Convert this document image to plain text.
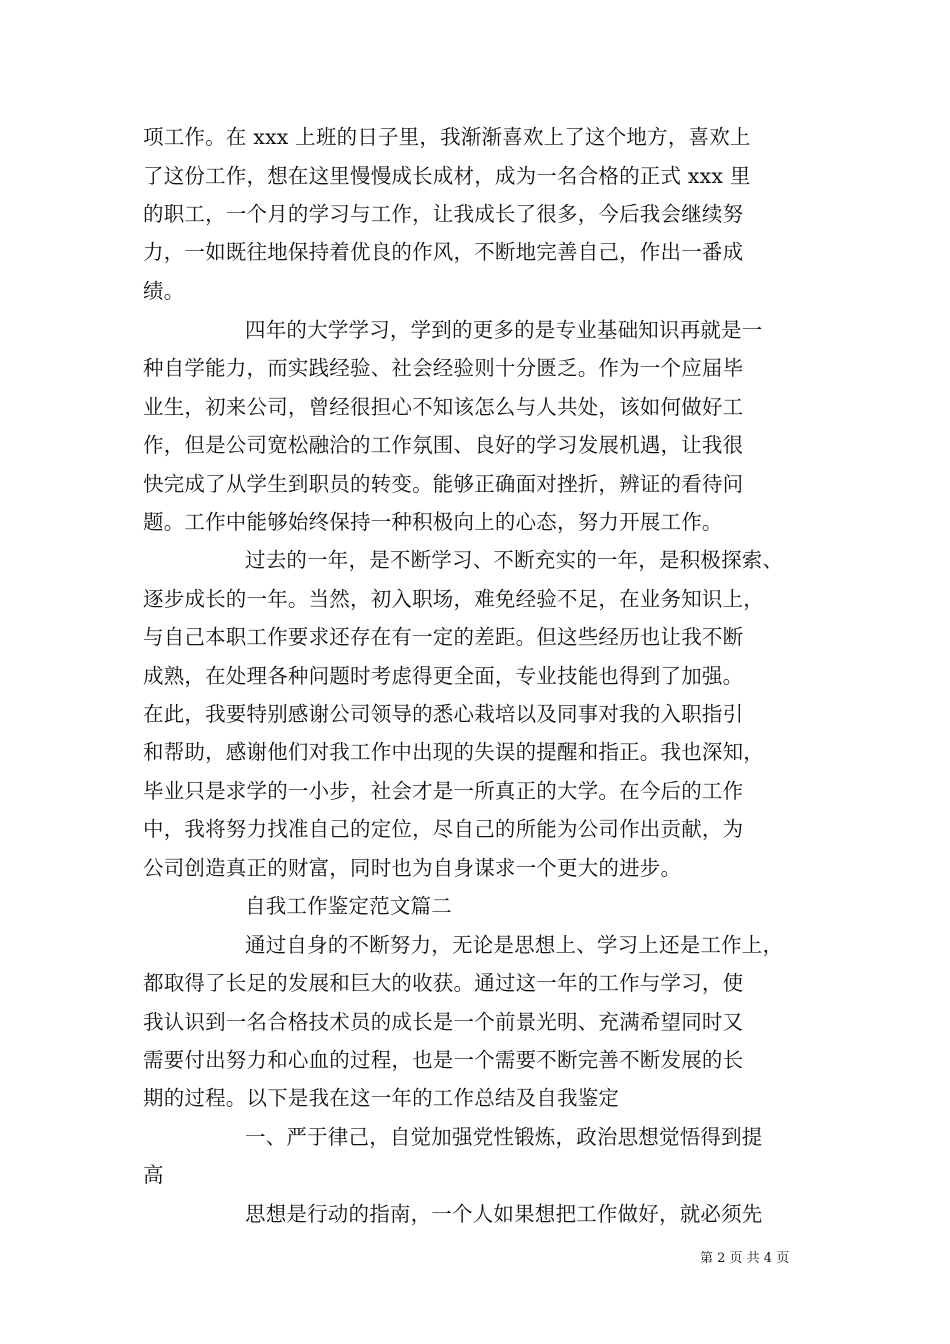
项工作。在 xxx 上班的日子里，我渐渐喜欢上了这个地方，喜欢上
了这份工作，想在这里慢慢成长成材，成为一名合格的正式 xxx 里
的职工，一个月的学习与工作，让我成长了很多，今后我会继续努
力，一如既往地保持着优良的作风，不断地完善自己，作出一番成
绩。
四年的大学学习，学到的更多的是专业基础知识再就是一
种自学能力，而实践经验、社会经验则十分匮乏。作为一个应届毕
业生，初来公司，曾经很担心不知该怎么与人共处，该如何做好工
作，但是公司宽松融洽的工作氛围、良好的学习发展机遇，让我很
快完成了从学生到职员的转变。能够正确面对挫折，辨证的看待问
题。工作中能够始终保持一种积极向上的心态，努力开展工作。
过去的一年，是不断学习、不断充实的一年，是积极探索、
逐步成长的一年。当然，初入职场，难免经验不足，在业务知识上，
与自己本职工作要求还存在有一定的差距。但这些经历也让我不断
成熟，在处理各种问题时考虑得更全面，专业技能也得到了加强。
在此，我要特别感谢公司领导的悉心栽培以及同事对我的入职指引
和帮助，感谢他们对我工作中出现的失误的提醒和指正。我也深知，
毕业只是求学的一小步，社会才是一所真正的大学。在今后的工作
中，我将努力找准自己的定位，尽自己的所能为公司作出贡献，为
公司创造真正的财富，同时也为自身谋求一个更大的进步。
自我工作鉴定范文篇二
通过自身的不断努力，无论是思想上、学习上还是工作上，
都取得了长足的发展和巨大的收获。通过这一年的工作与学习，使
我认识到一名合格技术员的成长是一个前景光明、充满希望同时又
需要付出努力和心血的过程，也是一个需要不断完善不断发展的长
期的过程。以下是我在这一年的工作总结及自我鉴定
一、严于律己，自觉加强党性锻炼，政治思想觉悟得到提
高
思想是行动的指南，一个人如果想把工作做好，就必须先
第 2 页 共 4 页
